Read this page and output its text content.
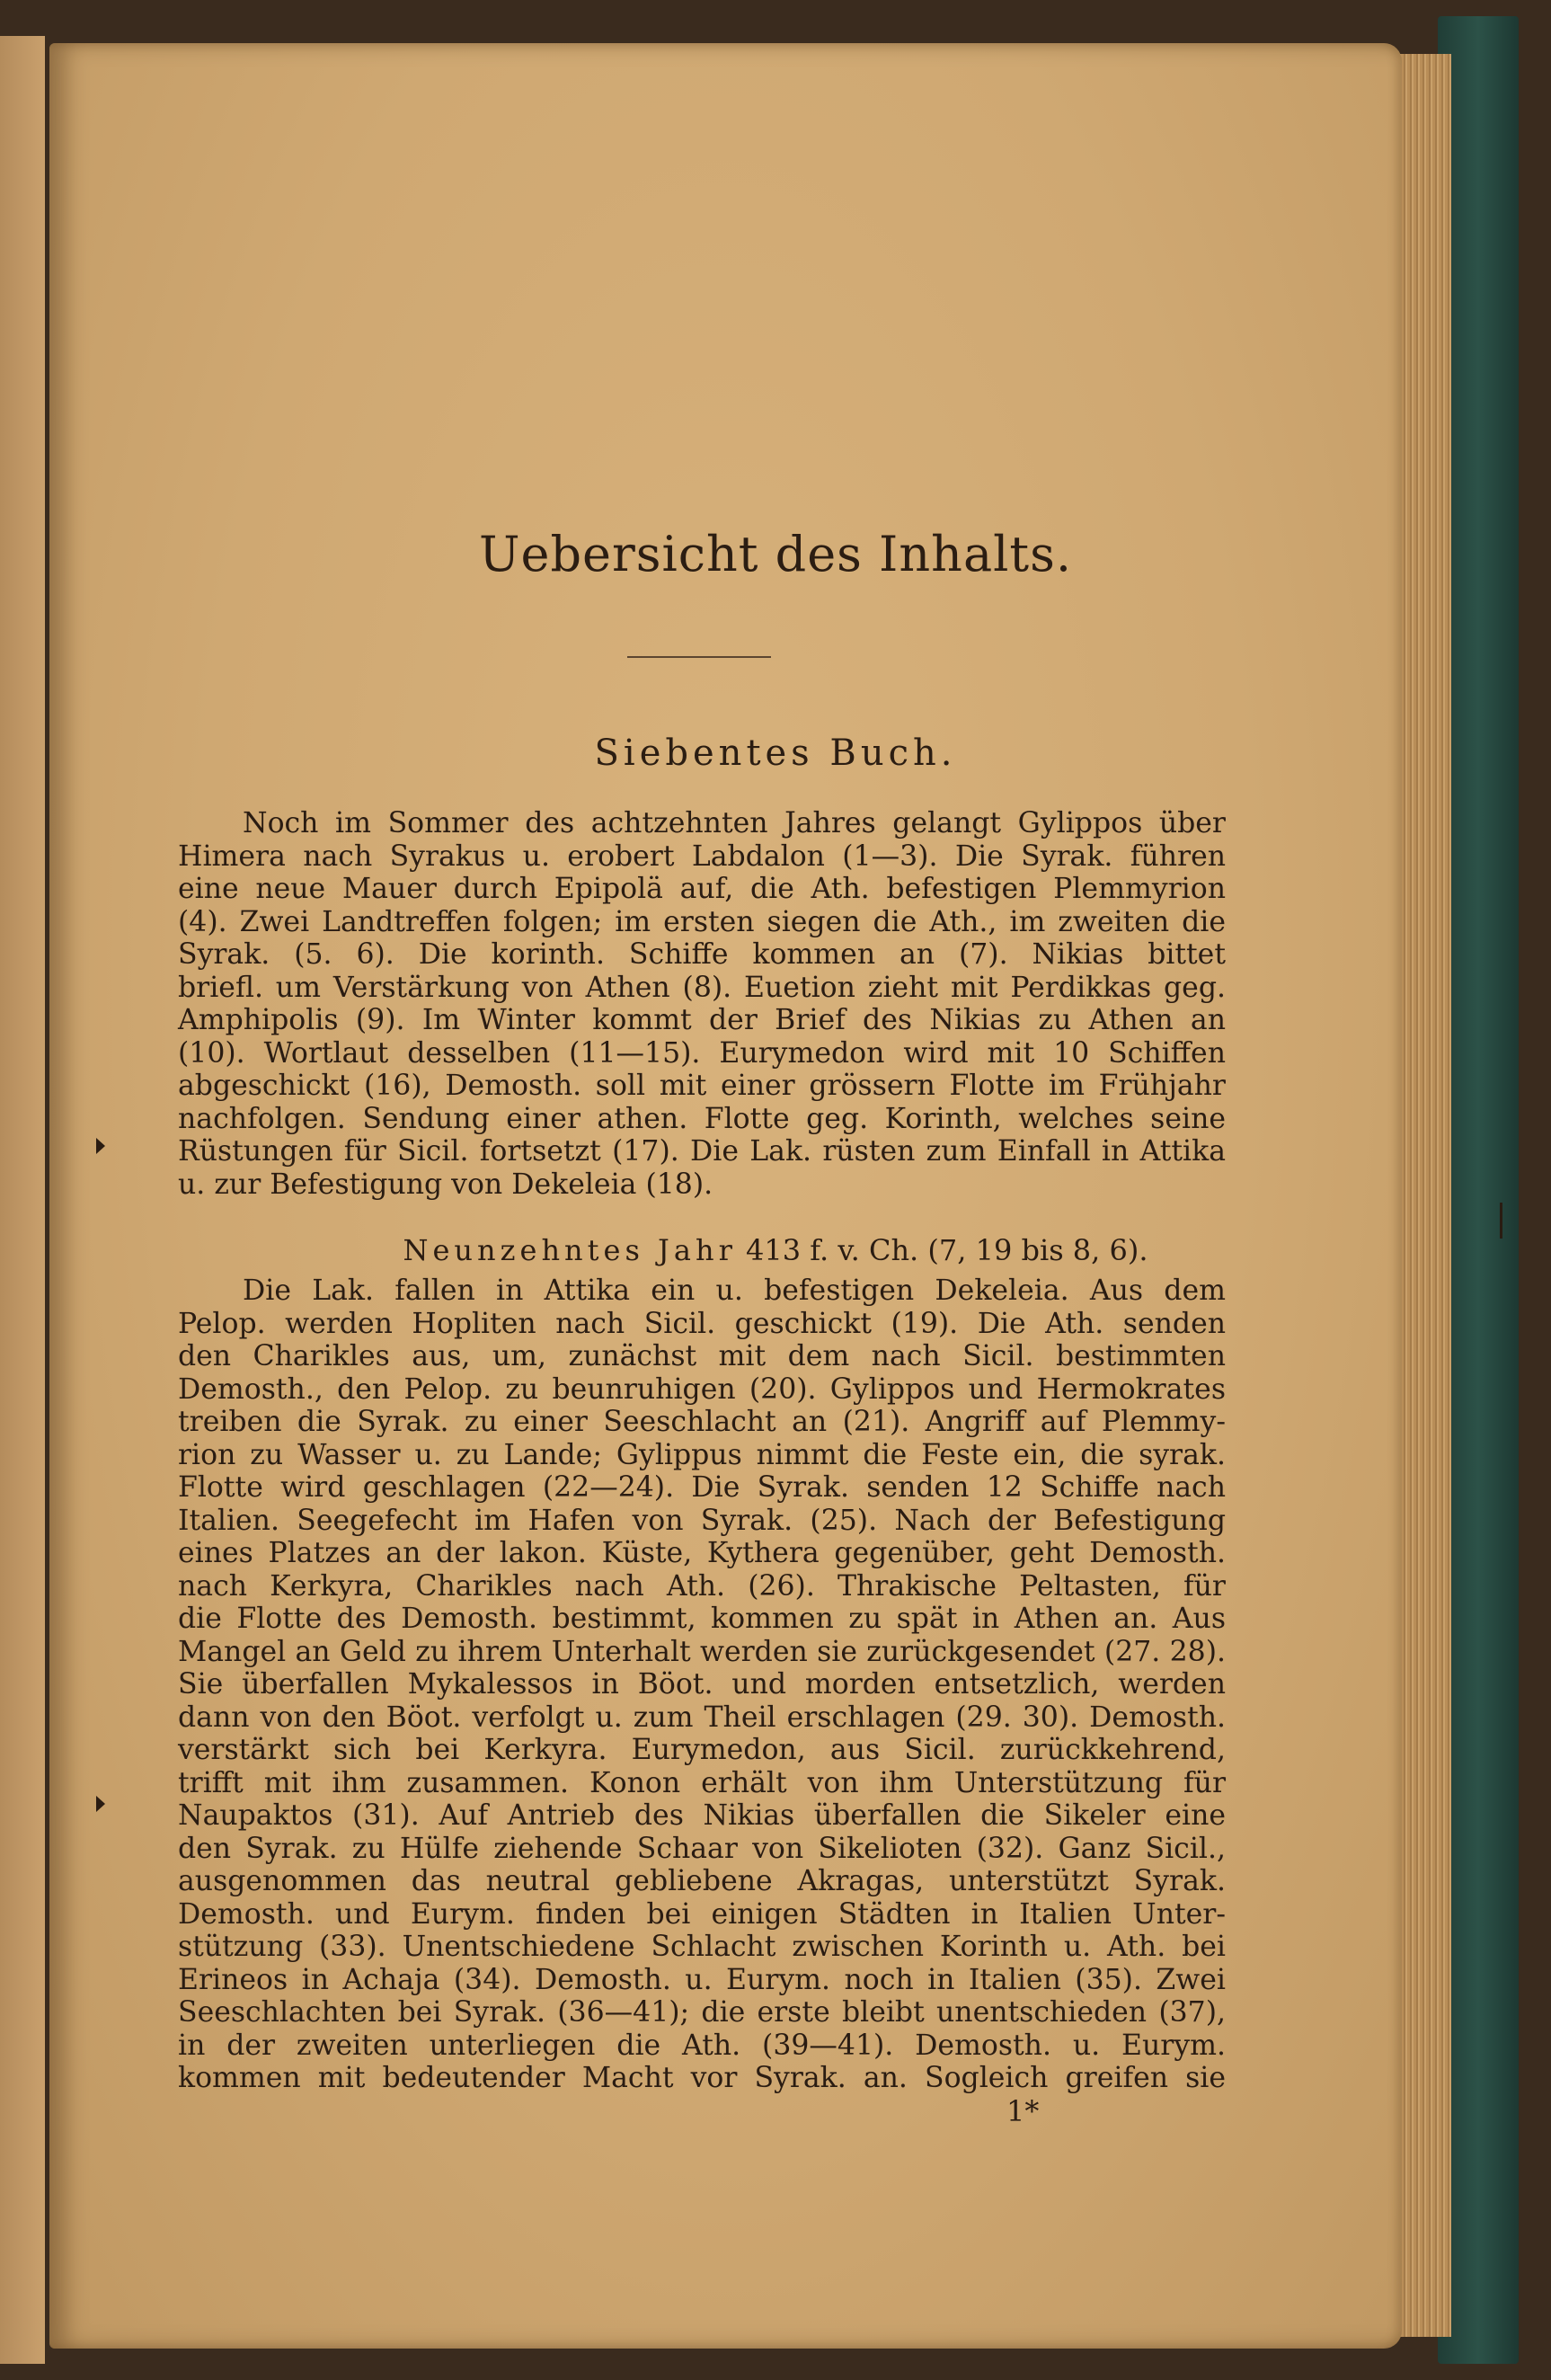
Uebersicht des Inhalts.
Siebentes Buch.
Noch im Sommer des achtzehnten Jahres gelangt Gylippos über
Himera nach Syrakus u. erobert Labdalon (1—3). Die Syrak. führen
eine neue Mauer durch Epipolä auf, die Ath. befestigen Plemmyrion
(4). Zwei Landtreffen folgen; im ersten siegen die Ath., im zweiten die
Syrak. (5. 6). Die korinth. Schiffe kommen an (7). Nikias bittet
briefl. um Verstärkung von Athen (8). Euetion zieht mit Perdikkas geg.
Amphipolis (9). Im Winter kommt der Brief des Nikias zu Athen an
(10). Wortlaut desselben (11—15). Eurymedon wird mit 10 Schiffen
abgeschickt (16), Demosth. soll mit einer grössern Flotte im Frühjahr
nachfolgen. Sendung einer athen. Flotte geg. Korinth, welches seine
Rüstungen für Sicil. fortsetzt (17). Die Lak. rüsten zum Einfall in Attika
u. zur Befestigung von Dekeleia (18).
Neunzehntes Jahr 413 f. v. Ch. (7, 19 bis 8, 6).
Die Lak. fallen in Attika ein u. befestigen Dekeleia. Aus dem
Pelop. werden Hopliten nach Sicil. geschickt (19). Die Ath. senden
den Charikles aus, um, zunächst mit dem nach Sicil. bestimmten
Demosth., den Pelop. zu beunruhigen (20). Gylippos und Hermokrates
treiben die Syrak. zu einer Seeschlacht an (21). Angriff auf Plemmy-
rion zu Wasser u. zu Lande; Gylippus nimmt die Feste ein, die syrak.
Flotte wird geschlagen (22—24). Die Syrak. senden 12 Schiffe nach
Italien. Seegefecht im Hafen von Syrak. (25). Nach der Befestigung
eines Platzes an der lakon. Küste, Kythera gegenüber, geht Demosth.
nach Kerkyra, Charikles nach Ath. (26). Thrakische Peltasten, für
die Flotte des Demosth. bestimmt, kommen zu spät in Athen an. Aus
Mangel an Geld zu ihrem Unterhalt werden sie zurückgesendet (27. 28).
Sie überfallen Mykalessos in Böot. und morden entsetzlich, werden
dann von den Böot. verfolgt u. zum Theil erschlagen (29. 30). Demosth.
verstärkt sich bei Kerkyra. Eurymedon, aus Sicil. zurückkehrend,
trifft mit ihm zusammen. Konon erhält von ihm Unterstützung für
Naupaktos (31). Auf Antrieb des Nikias überfallen die Sikeler eine
den Syrak. zu Hülfe ziehende Schaar von Sikelioten (32). Ganz Sicil.,
ausgenommen das neutral gebliebene Akragas, unterstützt Syrak.
Demosth. und Eurym. finden bei einigen Städten in Italien Unter-
stützung (33). Unentschiedene Schlacht zwischen Korinth u. Ath. bei
Erineos in Achaja (34). Demosth. u. Eurym. noch in Italien (35). Zwei
Seeschlachten bei Syrak. (36—41); die erste bleibt unentschieden (37),
in der zweiten unterliegen die Ath. (39—41). Demosth. u. Eurym.
kommen mit bedeutender Macht vor Syrak. an. Sogleich greifen sie
1*
